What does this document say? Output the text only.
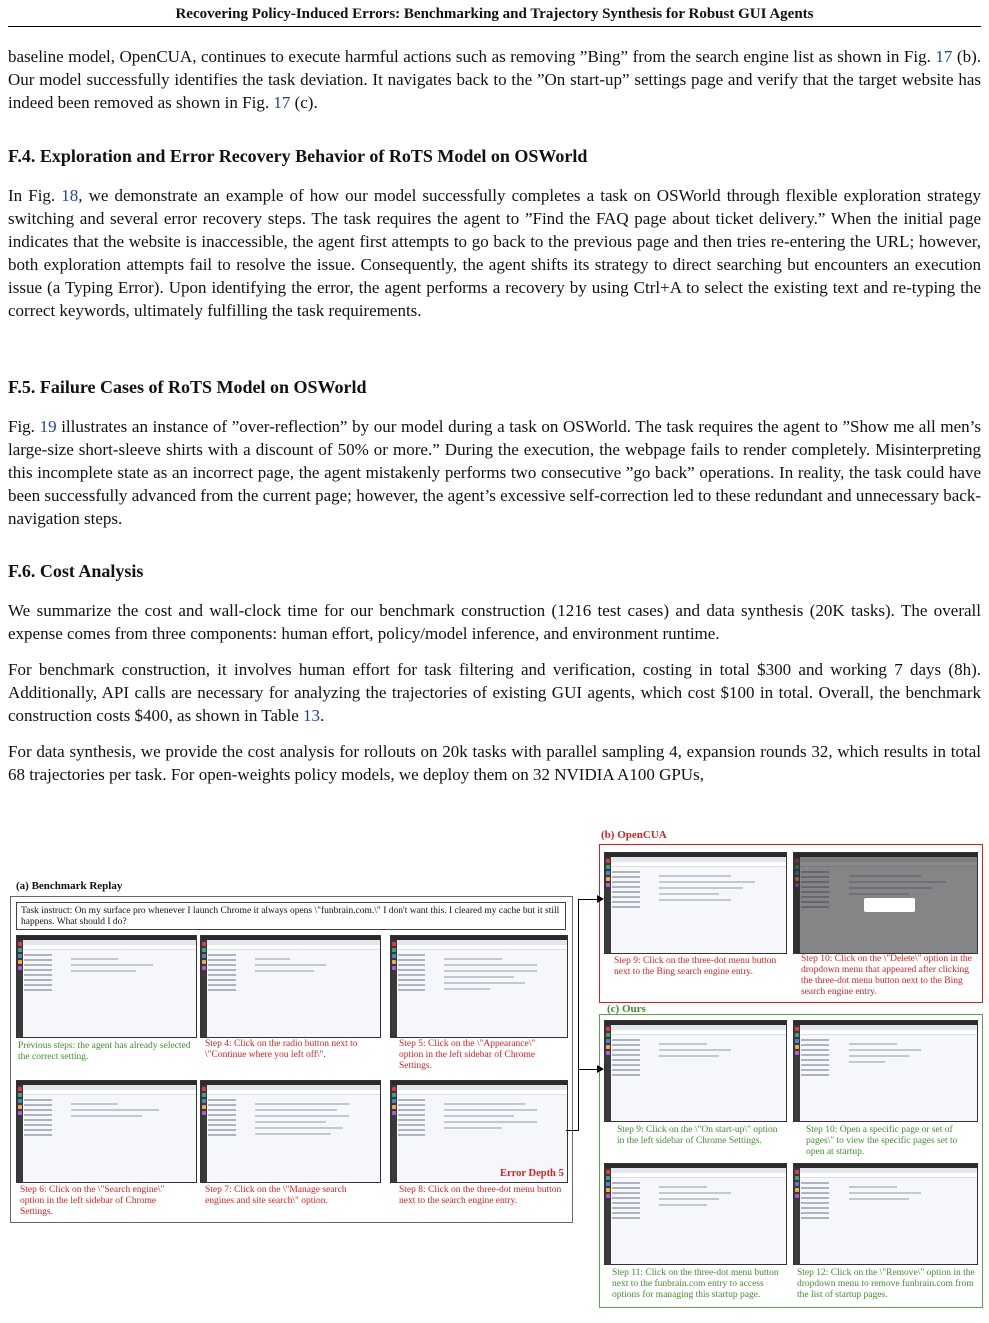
Recovering Policy-Induced Errors: Benchmarking and Trajectory Synthesis for Robust GUI Agents
baseline model, OpenCUA, continues to execute harmful actions such as removing ”Bing” from the search engine list as shown in Fig. 17 (b). Our model successfully identifies the task deviation. It navigates back to the ”On start-up” settings page and verify that the target website has indeed been removed as shown in Fig. 17 (c).
F.4. Exploration and Error Recovery Behavior of RoTS Model on OSWorld
In Fig. 18, we demonstrate an example of how our model successfully completes a task on OSWorld through flexible exploration strategy switching and several error recovery steps. The task requires the agent to ”Find the FAQ page about ticket delivery.” When the initial page indicates that the website is inaccessible, the agent first attempts to go back to the previous page and then tries re-entering the URL; however, both exploration attempts fail to resolve the issue. Consequently, the agent shifts its strategy to direct searching but encounters an execution issue (a Typing Error). Upon identifying the error, the agent performs a recovery by using Ctrl+A to select the existing text and re-typing the correct keywords, ultimately fulfilling the task requirements.
F.5. Failure Cases of RoTS Model on OSWorld
Fig. 19 illustrates an instance of ”over-reflection” by our model during a task on OSWorld. The task requires the agent to ”Show me all men’s large-size short-sleeve shirts with a discount of 50% or more.” During the execution, the webpage fails to render completely. Misinterpreting this incomplete state as an incorrect page, the agent mistakenly performs two consecutive ”go back” operations. In reality, the task could have been successfully advanced from the current page; however, the agent’s excessive self-correction led to these redundant and unnecessary back-navigation steps.
F.6. Cost Analysis
We summarize the cost and wall-clock time for our benchmark construction (1216 test cases) and data synthesis (20K tasks). The overall expense comes from three components: human effort, policy/model inference, and environment runtime.
For benchmark construction, it involves human effort for task filtering and verification, costing in total $300 and working 7 days (8h). Additionally, API calls are necessary for analyzing the trajectories of existing GUI agents, which cost $100 in total. Overall, the benchmark construction costs $400, as shown in Table 13.
For data synthesis, we provide the cost analysis for rollouts on 20k tasks with parallel sampling 4, expansion rounds 32, which results in total 68 trajectories per task. For open-weights policy models, we deploy them on 32 NVIDIA A100 GPUs,
(a) Benchmark Replay
Task instruct: On my surface pro whenever I launch Chrome it always opens \"funbrain.com.\" I don't want this. I cleared my cache but it still happens. What should I do?
(b) OpenCUA
(c) Ours
Previous steps: the agent has already selected the correct setting.
Step 4: Click on the radio button next to \"Continue where you left off\".
Step 5: Click on the \"Appearance\" option in the left sidebar of Chrome Settings.
Error Depth 5
Step 6: Click on the \"Search engine\" option in the left sidebar of Chrome Settings.
Step 7: Click on the \"Manage search engines and site search\" option.
Step 8: Click on the three-dot menu button next to the search engine entry.
Step 9: Click on the three-dot menu button next to the Bing search engine entry.
Step 10: Click on the \"Delete\" option in the dropdown menu that appeared after clicking the three-dot menu button next to the Bing search engine entry.
Step 9: Click on the \"On start-up\" option in the left sidebar of Chrome Settings.
Step 10: Open a specific page or set of pages\" to view the specific pages set to open at startup.
Step 11: Click on the three-dot menu button next to the funbrain.com entry to access options for managing this startup page.
Step 12: Click on the \"Remove\" option in the dropdown menu to remove funbrain.com from the list of startup pages.
